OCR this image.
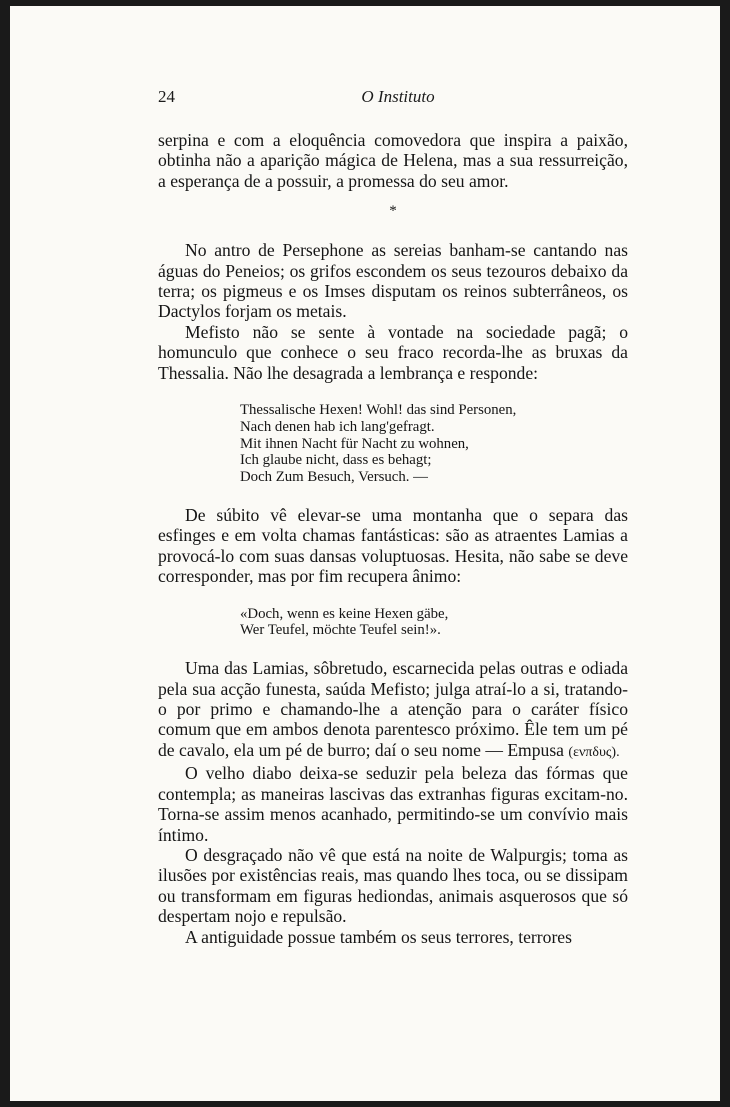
24	O Instituto

serpina e com a eloquência comovedora que inspira a paixão, obtinha não a aparição mágica de Helena, mas a sua ressurreição, a esperança de a possuir, a promessa do seu amor.

*

No antro de Persephone as sereias banham-se cantando nas águas do Peneios; os grifos escondem os seus tezouros debaixo da terra; os pigmeus e os Imses disputam os reinos subterrâneos, os Dactylos forjam os metais.

Mefisto não se sente à vontade na sociedade pagã; o homunculo que conhece o seu fraco recorda-lhe as bruxas da Thessalia. Não lhe desagrada a lembrança e responde:

Thessalische Hexen! Wohl! das sind Personen,
Nach denen hab ich lang'gefragt.
Mit ihnen Nacht für Nacht zu wohnen,
Ich glaube nicht, dass es behagt;
Doch Zum Besuch, Versuch. —

De súbito vê elevar-se uma montanha que o separa das esfinges e em volta chamas fantásticas: são as atraentes Lamias a provocá-lo com suas dansas voluptuosas. Hesita, não sabe se deve corresponder, mas por fim recupera ânimo:

«Doch, wenn es keine Hexen gäbe,
Wer Teufel, möchte Teufel sein!».

Uma das Lamias, sôbretudo, escarnecida pelas outras e odiada pela sua acção funesta, saúda Mefisto; julga atraí-lo a si, tratando-o por primo e chamando-lhe a atenção para o caráter físico comum que em ambos denota parentesco próximo. Êle tem um pé de cavalo, ela um pé de burro; daí o seu nome — Empusa (ενπδυς).

O velho diabo deixa-se seduzir pela beleza das fórmas que contempla; as maneiras lascivas das extranhas figuras excitam-no. Torna-se assim menos acanhado, permitindo-se um convívio mais íntimo.

O desgraçado não vê que está na noite de Walpurgis; toma as ilusões por existências reais, mas quando lhes toca, ou se dissipam ou transformam em figuras hediondas, animais asquerosos que só despertam nojo e repulsão.

A antiguidade possue também os seus terrores, terrores
